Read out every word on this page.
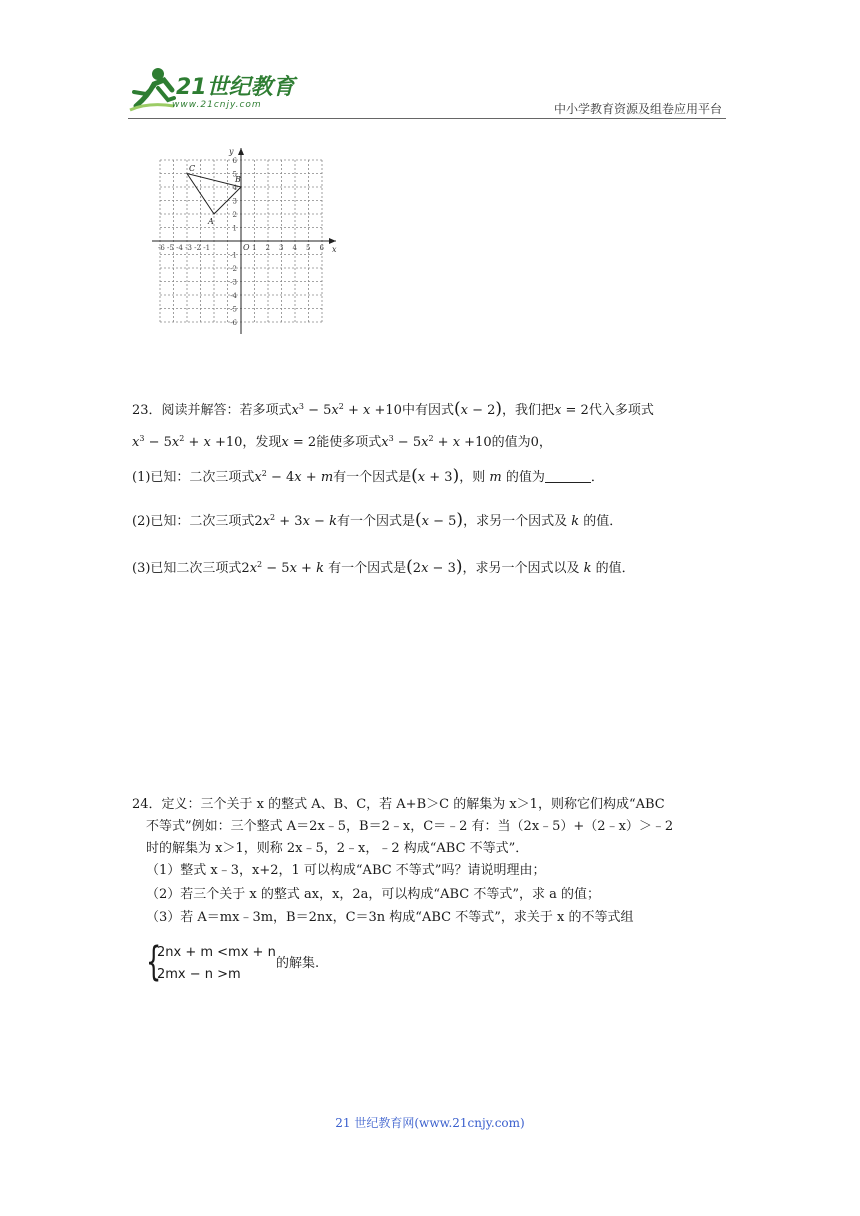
21世纪教育
www.21cnjy.com	中小学教育资源及组卷应用平台
y
x
O
-6 -5 -4 -3 -2 -1	1 2 3 4 5 6
6
5
4
3
2
1
-1
-2
-3
-4
-5
-6
A
B
C
23．阅读并解答：若多项式$x^3 - 5x^2 + x +10$中有因式(x − 2)，我们把x = 2代入多项式
$x^3 - 5x^2 + x +10$，发现x = 2能使多项式$x^3 - 5x^2 + x +10$的值为0，
(1)已知：二次三项式$x^2 - 4x + m$有一个因式是(x + 3)，则 m 的值为	．
(2)已知：二次三项式$2x^2 + 3x - k$有一个因式是(x − 5)，求另一个因式及 k 的值．
(3)已知二次三项式$2x^2 - 5x + k$ 有一个因式是(2x − 3)，求另一个因式以及 k 的值．
24．定义：三个关于 x 的整式 A、B、C，若 A+B＞C 的解集为 x＞1，则称它们构成“ABC
不等式”例如：三个整式 A＝2x﹣5，B＝2﹣x，C＝﹣2 有：当（2x﹣5）+（2﹣x）＞﹣2
时的解集为 x＞1，则称 2x﹣5，2﹣x，﹣2 构成“ABC 不等式”．
（1）整式 x﹣3，x+2，1 可以构成“ABC 不等式”吗？请说明理由；
（2）若三个关于 x 的整式 ax，x，2a，可以构成“ABC 不等式”，求 a 的值；
（3）若 A＝mx﹣3m，B＝2nx，C＝3n 构成“ABC 不等式”，求关于 x 的不等式组
{
2nx + m <mx + n
2mx − n >m
的解集.
21 世纪教育网(www.21cnjy.com)
